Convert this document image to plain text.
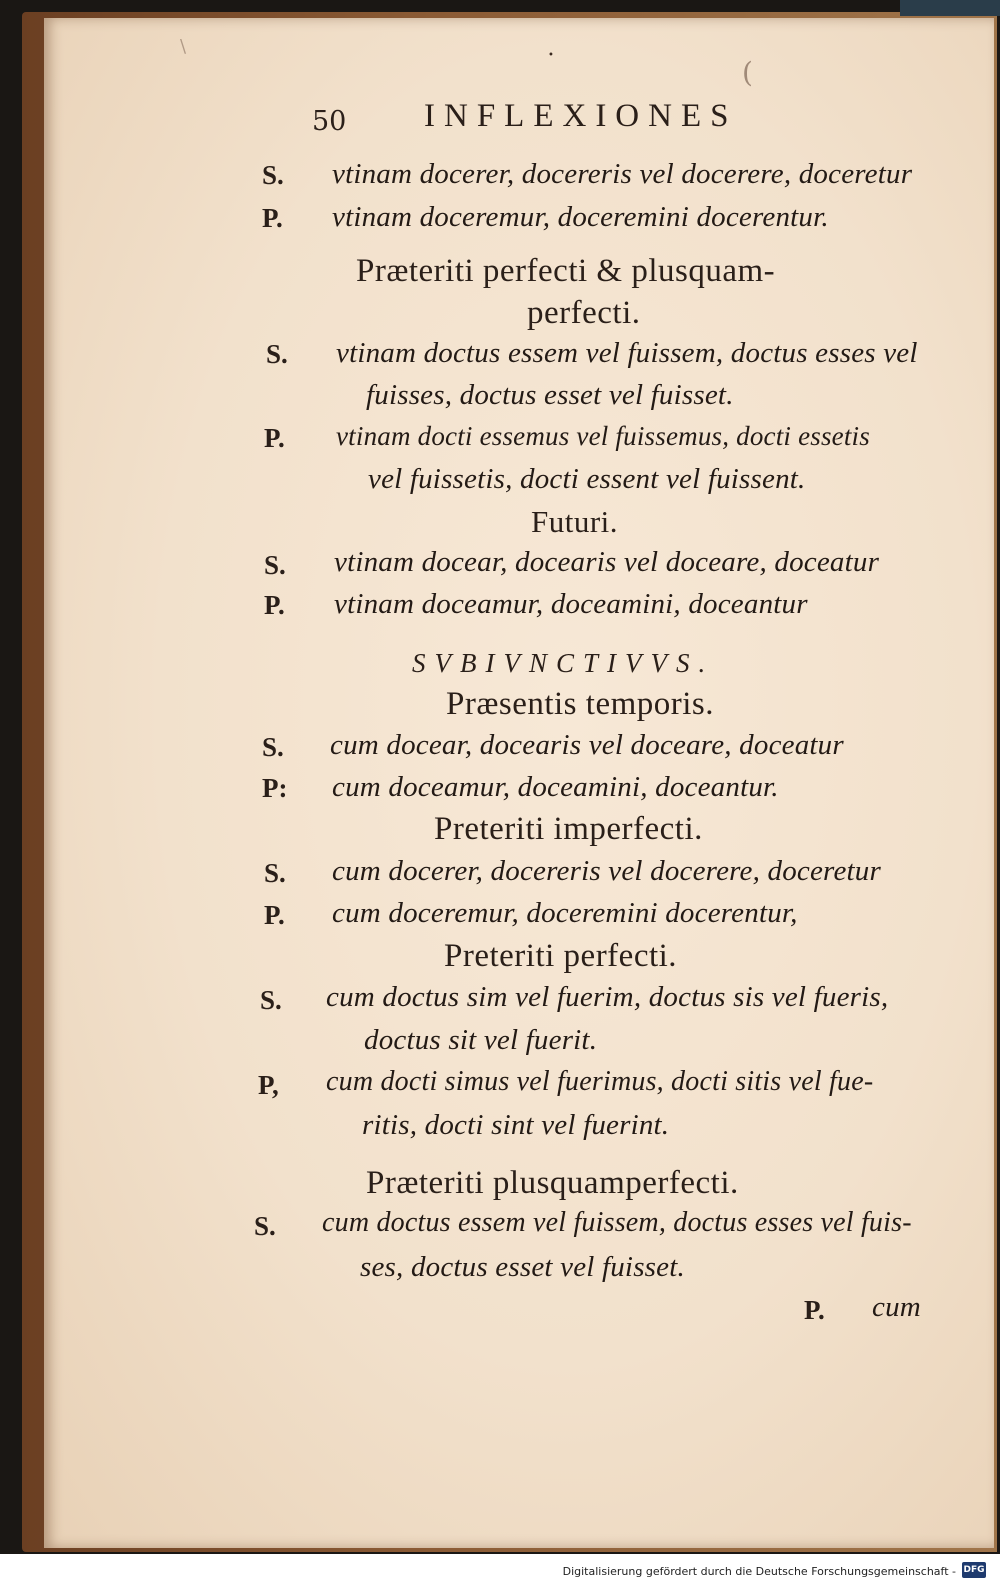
50 INFLEXIONES
S. vtinam docerer, docereris vel docerere, doceretur
P. vtinam doceremur, doceremini docerentur.
Præteriti perfecti & plusquam-
perfecti.
S. vtinam doctus essem vel fuissem, doctus esses vel
fuisses, doctus esset vel fuisset.
P. vtinam docti essemus vel fuissemus, docti essetis
vel fuissetis, docti essent vel fuissent.
Futuri.
S. vtinam docear, docearis vel doceare, doceatur
P. vtinam doceamur, doceamini, doceantur
SVBIVNCTIVVS.
Præsentis temporis.
S. cum docear, docearis vel doceare, doceatur
P: cum doceamur, doceamini, doceantur.
Preteriti imperfecti.
S. cum docerer, docereris vel docerere, doceretur
P. cum doceremur, doceremini docerentur,
Preteriti perfecti.
S. cum doctus sim vel fuerim, doctus sis vel fueris,
doctus sit vel fuerit.
P, cum docti simus vel fuerimus, docti sitis vel fue-
ritis, docti sint vel fuerint.
Præteriti plusquamperfecti.
S. cum doctus essem vel fuissem, doctus esses vel fuis-
ses, doctus esset vel fuisset.
P. cum
\	•
(
Digitalisierung gefördert durch die Deutsche Forschungsgemeinschaft - DFG
